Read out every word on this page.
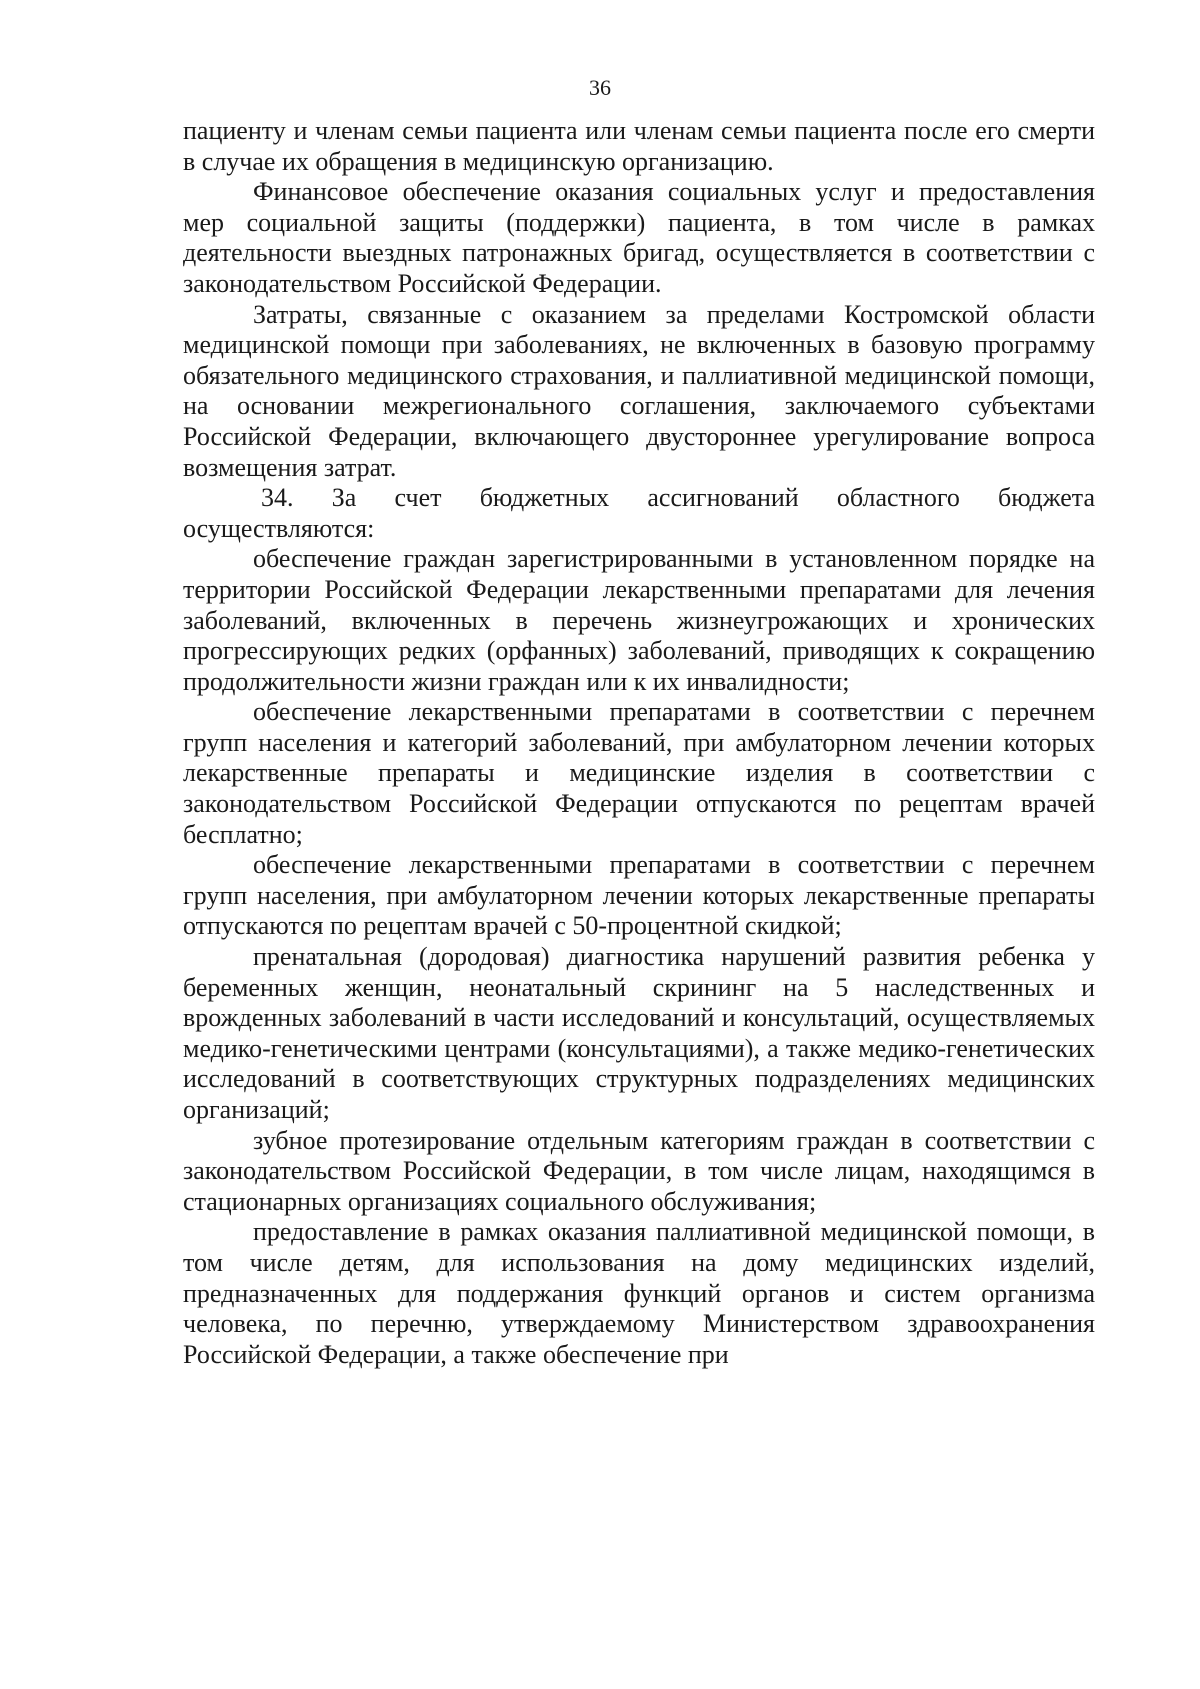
36

пациенту и членам семьи пациента или членам семьи пациента после его смерти в случае их обращения в медицинскую организацию.

Финансовое обеспечение оказания социальных услуг и предоставления мер социальной защиты (поддержки) пациента, в том числе в рамках деятельности выездных патронажных бригад, осуществляется в соответствии с законодательством Российской Федерации.

Затраты, связанные с оказанием за пределами Костромской области медицинской помощи при заболеваниях, не включенных в базовую программу обязательного медицинского страхования, и паллиативной медицинской помощи, на основании межрегионального соглашения, заключаемого субъектами Российской Федерации, включающего двустороннее урегулирование вопроса возмещения затрат.

34. За счет бюджетных ассигнований областного бюджета осуществляются:

обеспечение граждан зарегистрированными в установленном порядке на территории Российской Федерации лекарственными препаратами для лечения заболеваний, включенных в перечень жизнеугрожающих и хронических прогрессирующих редких (орфанных) заболеваний, приводящих к сокращению продолжительности жизни граждан или к их инвалидности;

обеспечение лекарственными препаратами в соответствии с перечнем групп населения и категорий заболеваний, при амбулаторном лечении которых лекарственные препараты и медицинские изделия в соответствии с законодательством Российской Федерации отпускаются по рецептам врачей бесплатно;

обеспечение лекарственными препаратами в соответствии с перечнем групп населения, при амбулаторном лечении которых лекарственные препараты отпускаются по рецептам врачей с 50-процентной скидкой;

пренатальная (дородовая) диагностика нарушений развития ребенка у беременных женщин, неонатальный скрининг на 5 наследственных и врожденных заболеваний в части исследований и консультаций, осуществляемых медико-генетическими центрами (консультациями), а также медико-генетических исследований в соответствующих структурных подразделениях медицинских организаций;

зубное протезирование отдельным категориям граждан в соответствии с законодательством Российской Федерации, в том числе лицам, находящимся в стационарных организациях социального обслуживания;

предоставление в рамках оказания паллиативной медицинской помощи, в том числе детям, для использования на дому медицинских изделий, предназначенных для поддержания функций органов и систем организма человека, по перечню, утверждаемому Министерством здравоохранения Российской Федерации, а также обеспечение при
